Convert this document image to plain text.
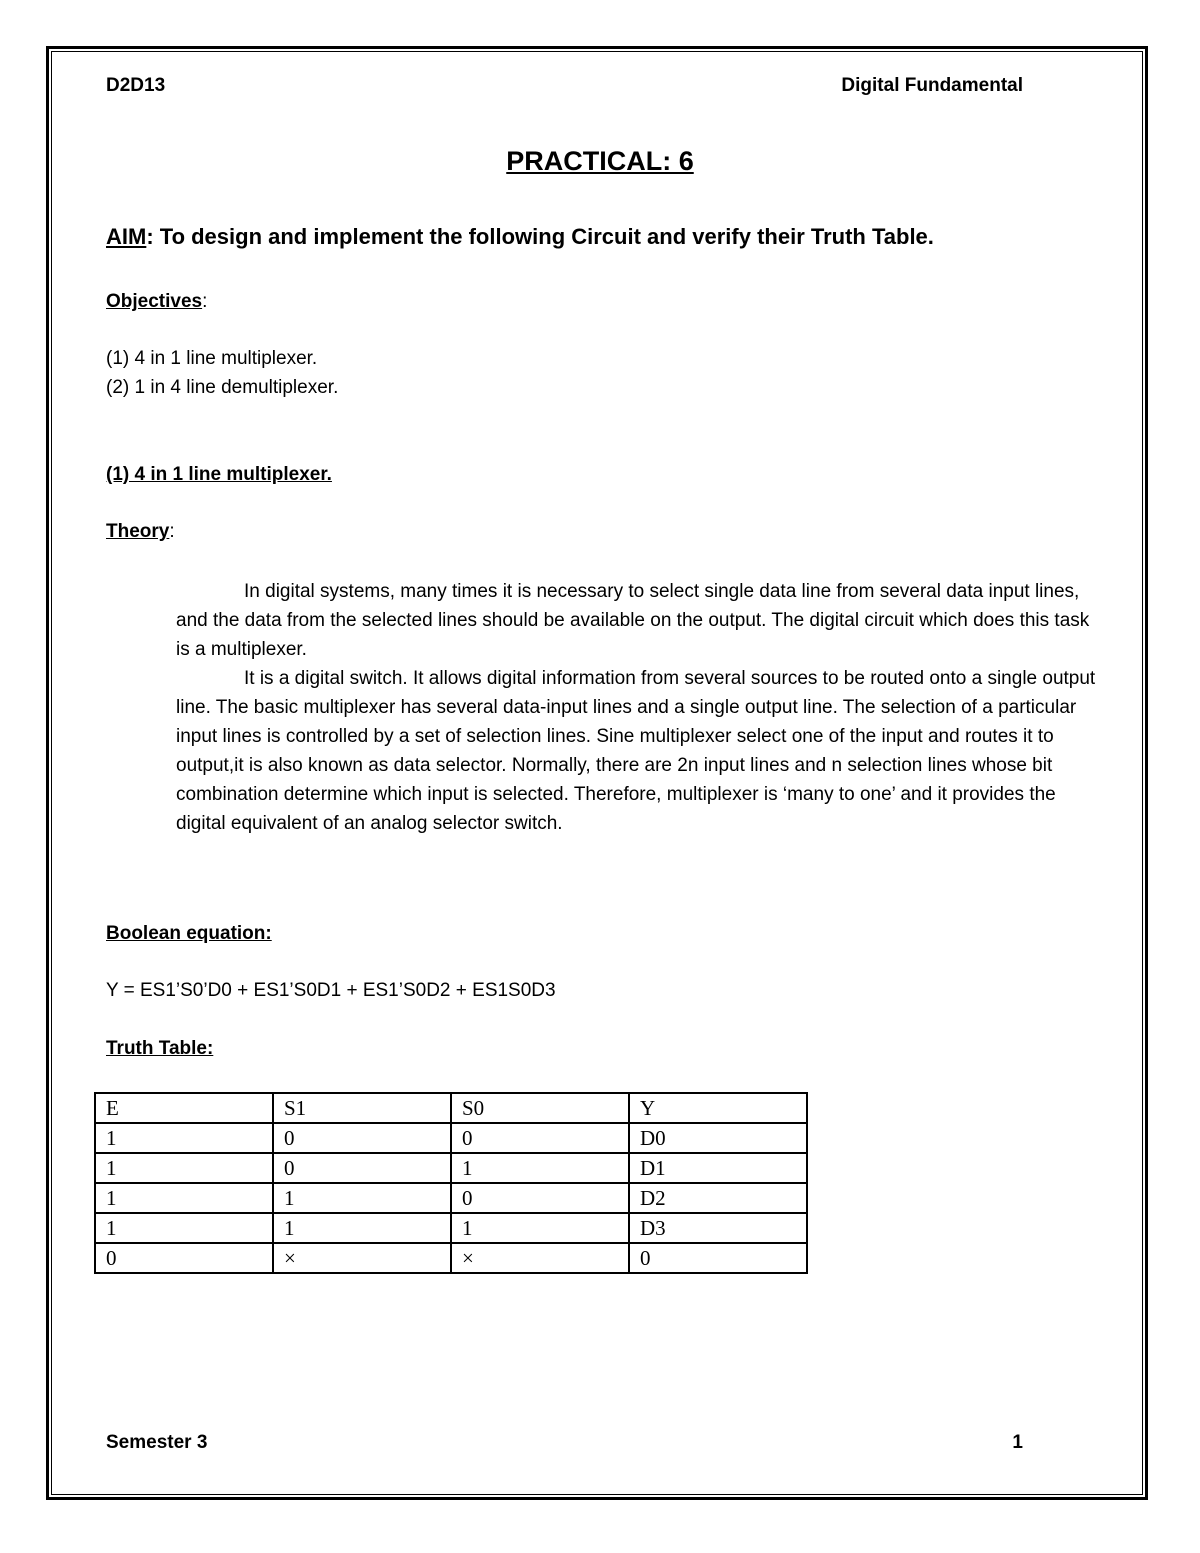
D2D13	Digital Fundamental
PRACTICAL: 6
AIM: To design and implement the following Circuit and verify their Truth Table.
Objectives:
(1) 4 in 1 line multiplexer.
(2) 1 in 4 line demultiplexer.
(1) 4 in 1 line multiplexer.
Theory:

In digital systems, many times it is necessary to select single data line from several data input lines, and the data from the selected lines should be available on the output. The digital circuit which does this task is a multiplexer.

It is a digital switch. It allows digital information from several sources to be routed onto a single output line. The basic multiplexer has several data-input lines and a single output line. The selection of a particular input lines is controlled by a set of selection lines. Sine multiplexer select one of the input and routes it to output,it is also known as data selector. Normally, there are 2n input lines and n selection lines whose bit combination determine which input is selected. Therefore, multiplexer is ‘many to one’ and it provides the digital equivalent of an analog selector switch.

Boolean equation:
Y = ES1’S0’D0 + ES1’S0D1 + ES1’S0D2 + ES1S0D3
Truth Table:
E	S1	S0	Y
1	0	0	D0
1	0	1	D1
1	1	0	D2
1	1	1	D3
0	×	×	0
Semester 3	1
